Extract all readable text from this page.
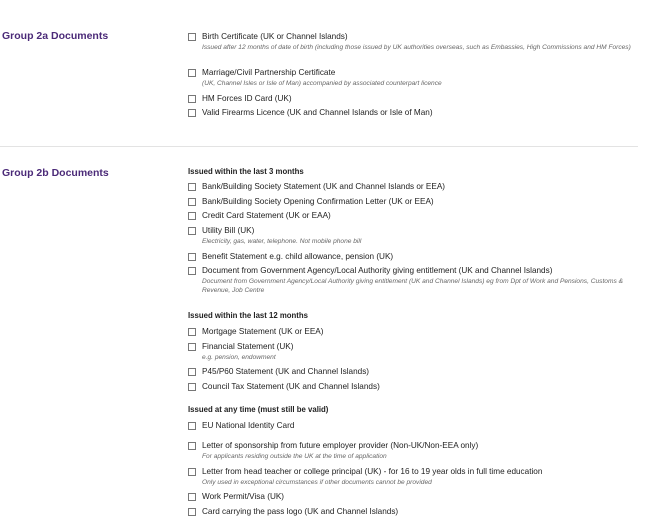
Group 2a Documents	Birth Certificate (UK or Channel Islands)
Issued after 12 months of date of birth (including those issued by UK authorities overseas, such as Embassies, High Commissions and HM Forces)
Marriage/Civil Partnership Certificate
(UK, Channel Isles or Isle of Man) accompanied by associated counterpart licence
HM Forces ID Card (UK)
Valid Firearms Licence (UK and Channel Islands or Isle of Man)
Group 2b Documents	Issued within the last 3 months
Bank/Building Society Statement (UK and Channel Islands or EEA)
Bank/Building Society Opening Confirmation Letter (UK or EEA)
Credit Card Statement (UK or EAA)
Utility Bill (UK)
Electricity, gas, water, telephone. Not mobile phone bill
Benefit Statement e.g. child allowance, pension (UK)
Document from Government Agency/Local Authority giving entitlement (UK and Channel Islands)
Document from Government Agency/Local Authority giving entitlement (UK and Channel Islands) eg from Dpt of Work and Pensions, Customs & Revenue, Job Centre
Issued within the last 12 months
Mortgage Statement (UK or EEA)
Financial Statement (UK)
e.g. pension, endowment
P45/P60 Statement (UK and Channel Islands)
Council Tax Statement (UK and Channel Islands)
Issued at any time (must still be valid)
EU National Identity Card
Letter of sponsorship from future employer provider (Non-UK/Non-EEA only)
For applicants residing outside the UK at the time of application
Letter from head teacher or college principal (UK) - for 16 to 19 year olds in full time education
Only used in exceptional circumstances if other documents cannot be provided
Work Permit/Visa (UK)
Card carrying the pass logo (UK and Channel Islands)
